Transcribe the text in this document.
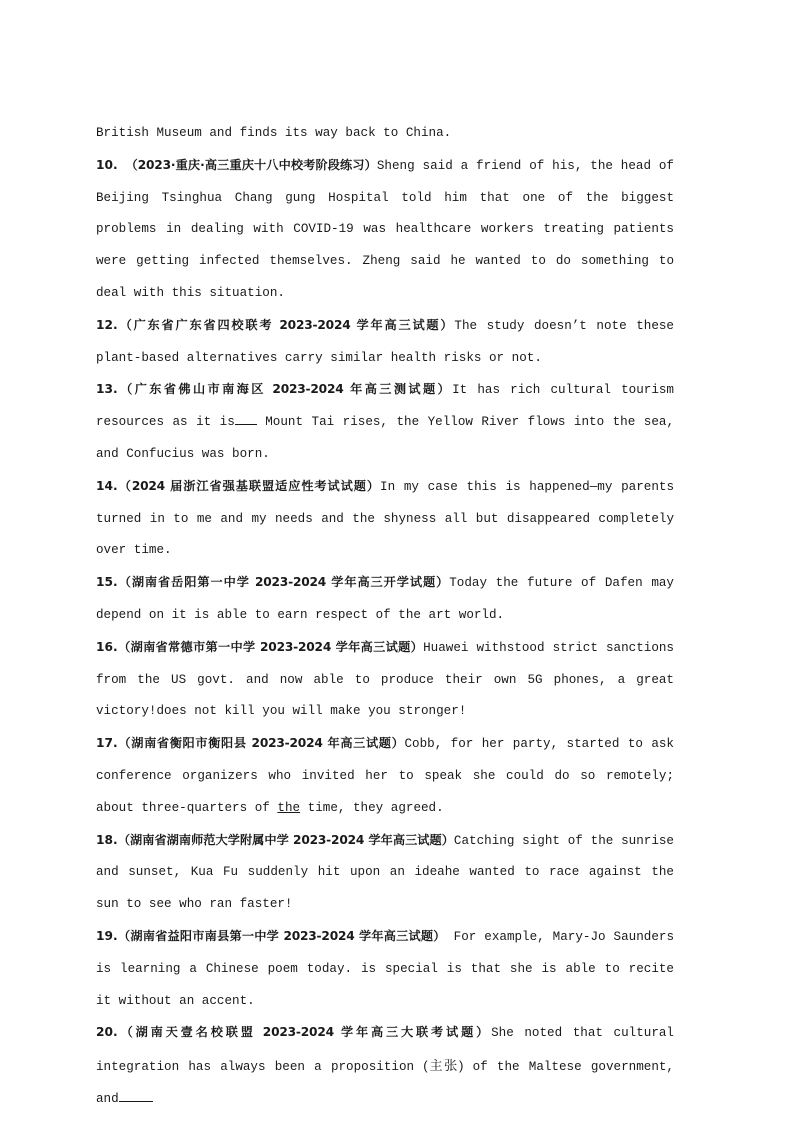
British Museum and finds its way back to China.

10. （2023·重庆·高三重庆十八中校考阶段练习）Sheng said a friend of his, the head of Beijing Tsinghua Chang gung Hospital told him that one of the biggest problems in dealing with COVID-19 was healthcare workers treating patients were getting infected themselves. Zheng said he wanted to do something to deal with this situation.

12.（广东省广东省四校联考 2023-2024 学年高三试题）The study doesn’t note these plant-based alternatives carry similar health risks or not.

13.（广东省佛山市南海区 2023-2024 年高三测试题）It has rich cultural tourism resources as it is Mount Tai rises, the Yellow River flows into the sea, and Confucius was born.

14.（2024 届浙江省强基联盟适应性考试试题）In my case this is happened—my parents turned in to me and my needs and the shyness all but disappeared completely over time.

15.（湖南省岳阳第一中学 2023-2024 学年高三开学试题）Today the future of Dafen may depend on it is able to earn respect of the art world.

16.（湖南省常德市第一中学 2023-2024 学年高三试题）Huawei withstood strict sanctions from the US govt. and now able to produce their own 5G phones, a great victory!does not kill you will make you stronger!

17.（湖南省衡阳市衡阳县 2023-2024 年高三试题）Cobb, for her party, started to ask conference organizers who invited her to speak she could do so remotely; about three-quarters of the time, they agreed.

18.（湖南省湖南师范大学附属中学 2023-2024 学年高三试题）Catching sight of the sunrise and sunset, Kua Fu suddenly hit upon an ideahe wanted to race against the sun to see who ran faster!

19.（湖南省益阳市南县第一中学 2023-2024 学年高三试题） For example, Mary-Jo Saunders is learning a Chinese poem today. is special is that she is able to recite it without an accent.

20.（湖南天壹名校联盟 2023-2024 学年高三大联考试题）She noted that cultural integration has always been a proposition (主张) of the Maltese government, and
